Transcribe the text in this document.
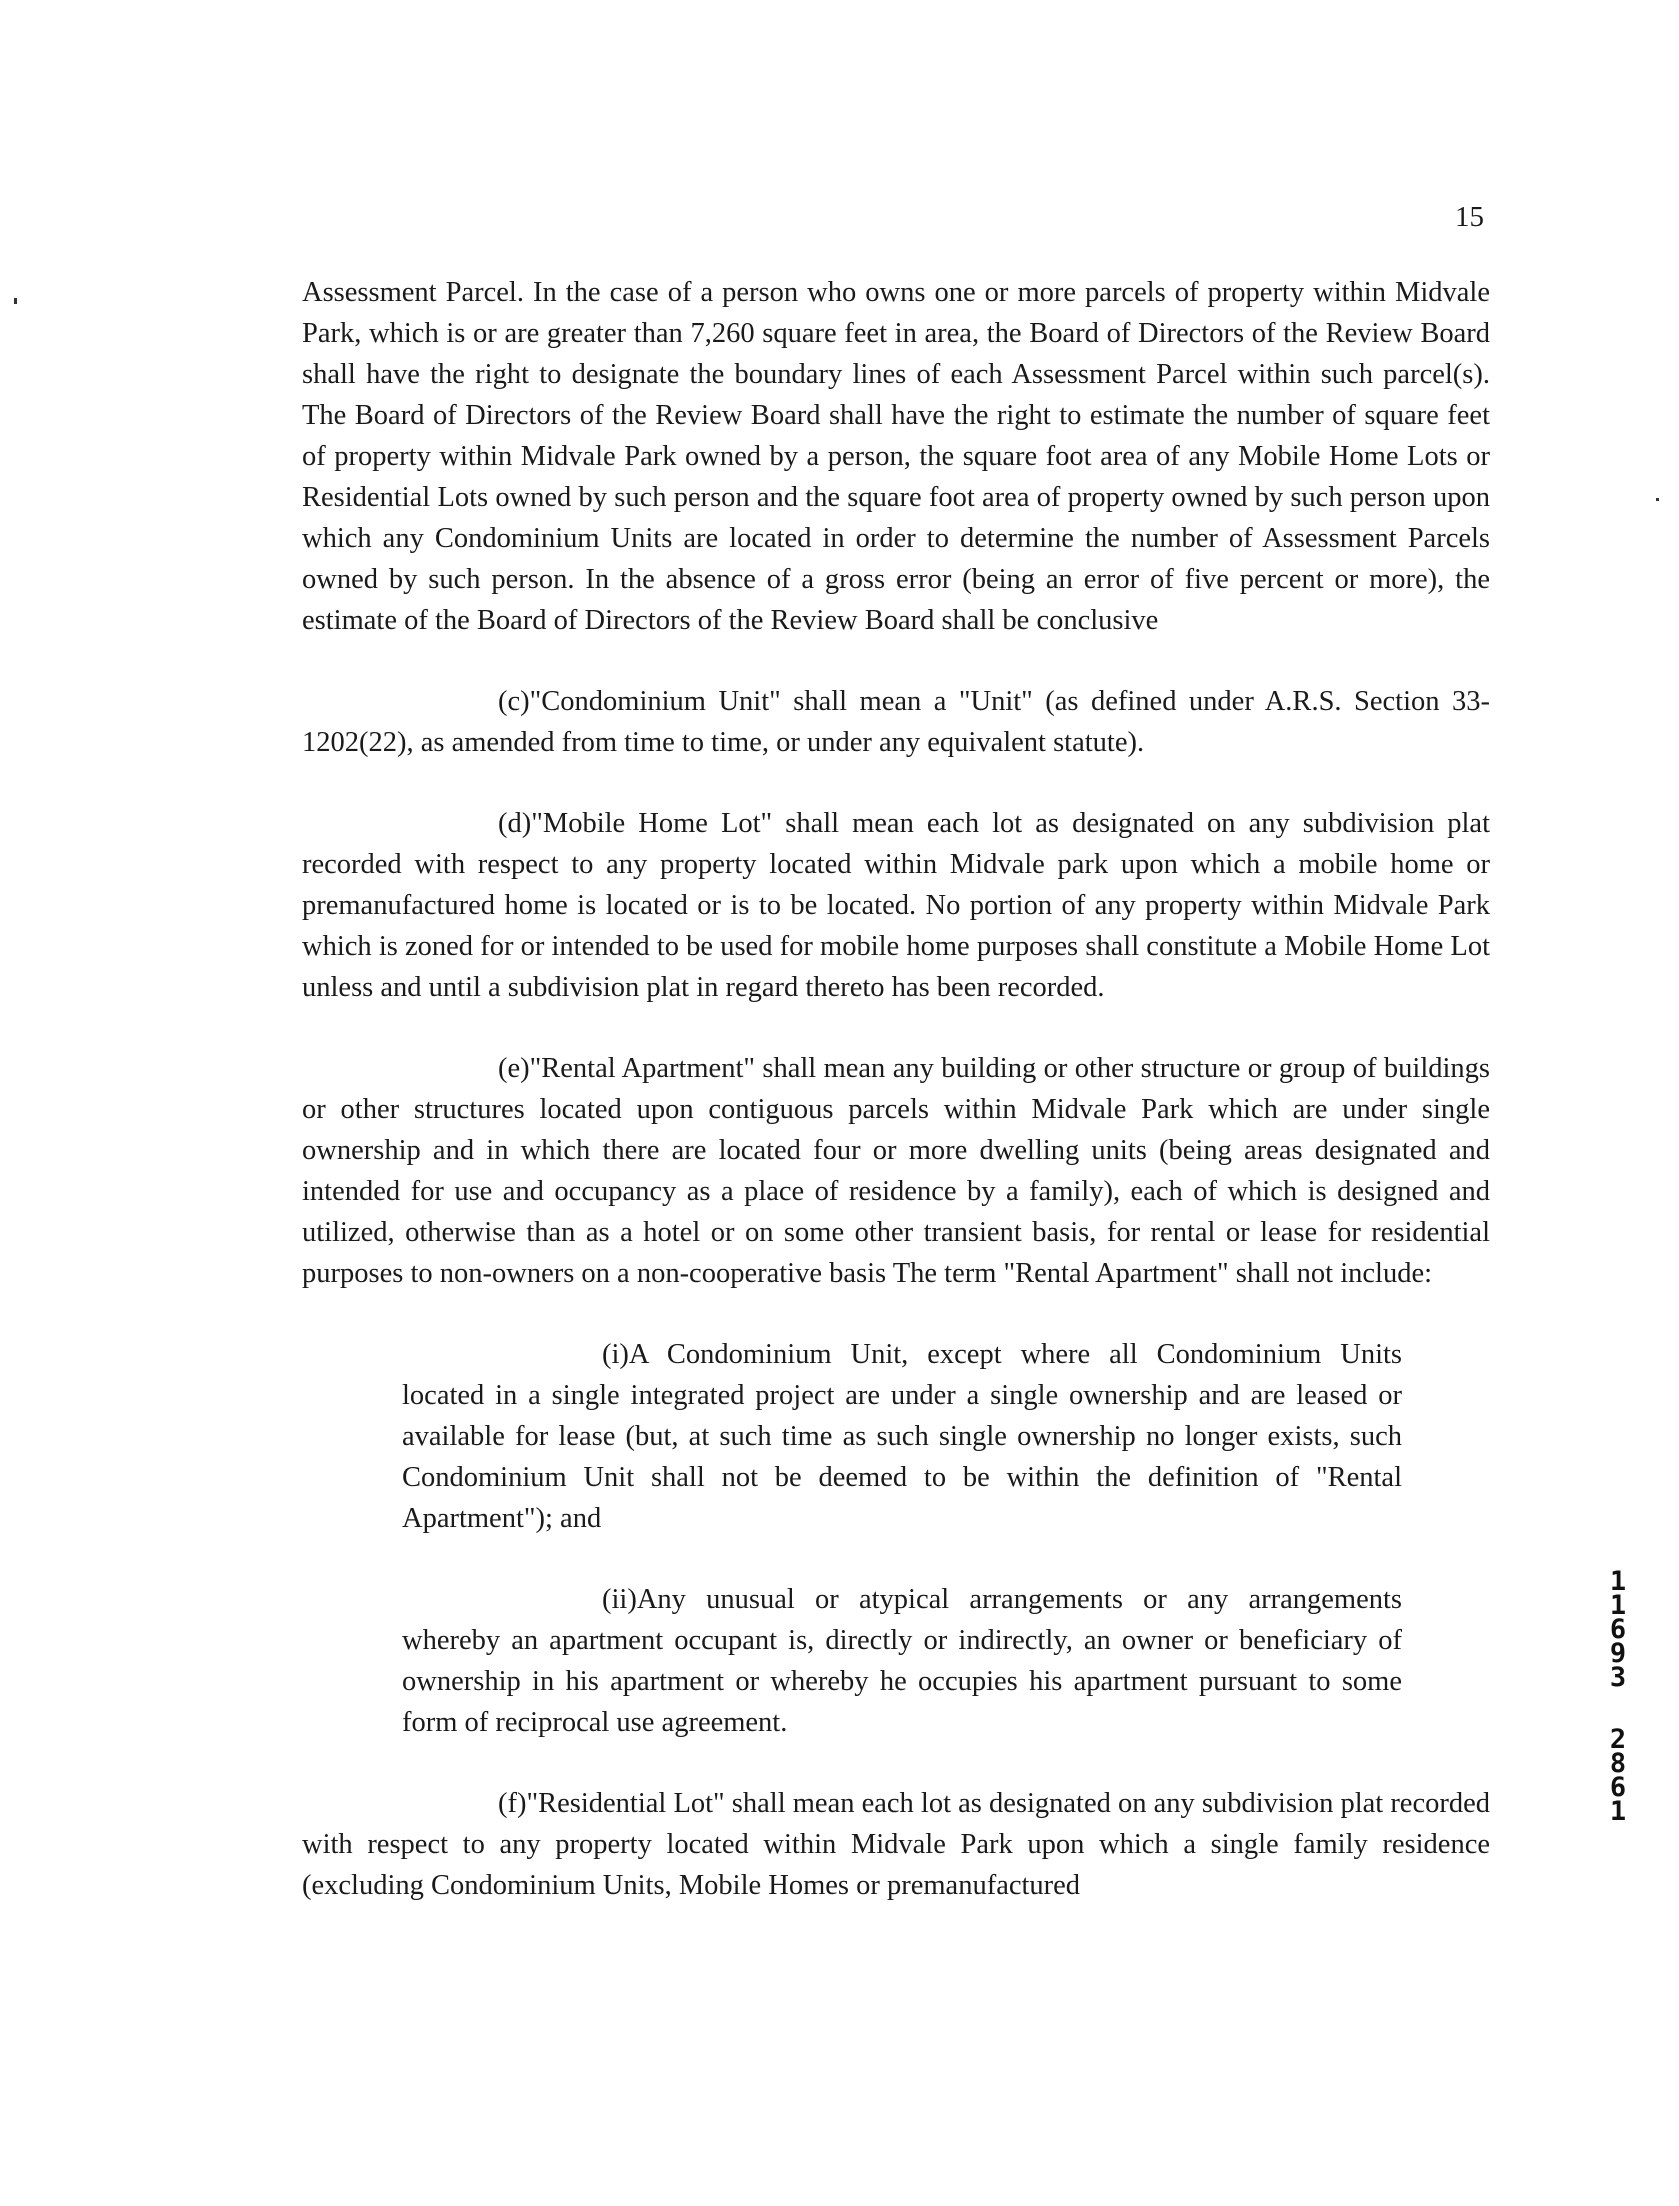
15

Assessment Parcel. In the case of a person who owns one or more parcels of property within Midvale Park, which is or are greater than 7,260 square feet in area, the Board of Directors of the Review Board shall have the right to designate the boundary lines of each Assessment Parcel within such parcel(s). The Board of Directors of the Review Board shall have the right to estimate the number of square feet of property within Midvale Park owned by a person, the square foot area of any Mobile Home Lots or Residential Lots owned by such person and the square foot area of property owned by such person upon which any Condominium Units are located in order to determine the number of Assessment Parcels owned by such person. In the absence of a gross error (being an error of five percent or more), the estimate of the Board of Directors of the Review Board shall be conclusive

(c)"Condominium Unit" shall mean a "Unit" (as defined under A.R.S. Section 33-1202(22), as amended from time to time, or under any equivalent statute).

(d)"Mobile Home Lot" shall mean each lot as designated on any subdivision plat recorded with respect to any property located within Midvale park upon which a mobile home or premanufactured home is located or is to be located. No portion of any property within Midvale Park which is zoned for or intended to be used for mobile home purposes shall constitute a Mobile Home Lot unless and until a subdivision plat in regard thereto has been recorded.

(e)"Rental Apartment" shall mean any building or other structure or group of buildings or other structures located upon contiguous parcels within Midvale Park which are under single ownership and in which there are located four or more dwelling units (being areas designated and intended for use and occupancy as a place of residence by a family), each of which is designed and utilized, otherwise than as a hotel or on some other transient basis, for rental or lease for residential purposes to non-owners on a non-cooperative basis The term "Rental Apartment" shall not include:

(i)A Condominium Unit, except where all Condominium Units located in a single integrated project are under a single ownership and are leased or available for lease (but, at such time as such single ownership no longer exists, such Condominium Unit shall not be deemed to be within the definition of "Rental Apartment"); and

(ii)Any unusual or atypical arrangements or any arrangements whereby an apartment occupant is, directly or indirectly, an owner or beneficiary of ownership in his apartment or whereby he occupies his apartment pursuant to some form of reciprocal use agreement.

(f)"Residential Lot" shall mean each lot as designated on any subdivision plat recorded with respect to any property located within Midvale Park upon which a single family residence (excluding Condominium Units, Mobile Homes or premanufactured

1
1
6
9
3
2
8
6
1
